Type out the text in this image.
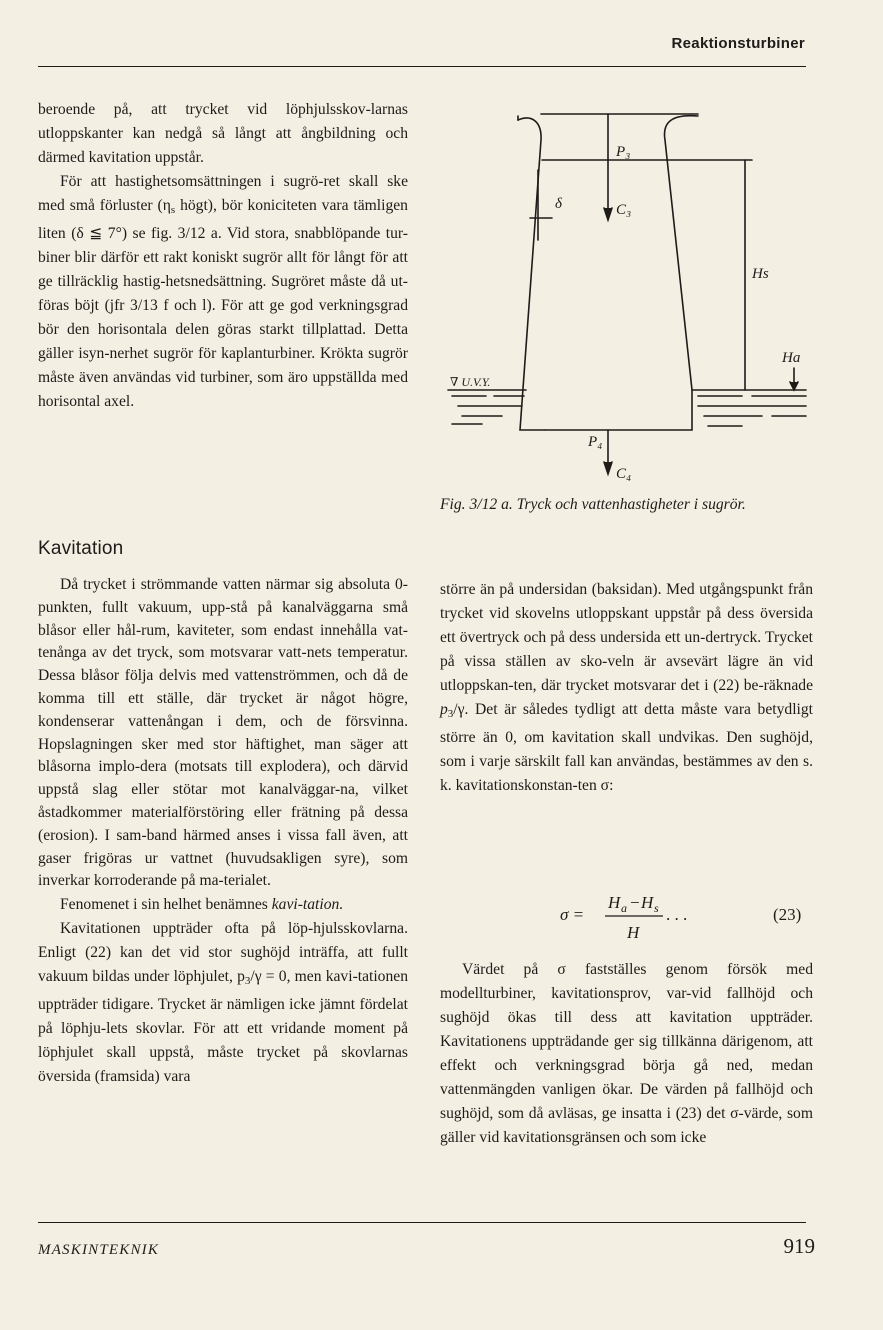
Reaktionsturbiner

beroende på, att trycket vid löphjulsskov-larnas utloppskanter kan nedgå så långt att ångbildning och därmed kavitation uppstår.

För att hastighetsomsättningen i sugrö-ret skall ske med små förluster ($\eta_s$ högt), bör koniciteten vara tämligen liten (δ ≦ 7°) se fig. 3/12 a. Vid stora, snabblöpande tur-biner blir därför ett rakt koniskt sugrör allt för långt för att ge tillräcklig hastig-hetsnedsättning. Sugröret måste då ut-föras böjt (jfr 3/13 f och l). För att ge god verkningsgrad bör den horisontala delen göras starkt tillplattad. Detta gäller isyn-nerhet sugrör för kaplanturbiner. Krökta sugrör måste även användas vid turbiner, som äro uppställda med horisontal axel.

Kavitation

Då trycket i strömmande vatten närmar sig absoluta 0-punkten, fullt vakuum, upp-stå på kanalväggarna små blåsor eller hål-rum, kaviteter, som endast innehålla vat-tenånga av det tryck, som motsvarar vatt-nets temperatur. Dessa blåsor följa delvis med vattenströmmen, och då de komma till ett ställe, där trycket är något högre, kondenserar vattenångan i dem, och de försvinna. Hopslagningen sker med stor häftighet, man säger att blåsorna implo-dera (motsats till explodera), och därvid uppstå slag eller stötar mot kanalväggar-na, vilket åstadkommer materialförstöring eller frätning på dessa (erosion). I sam-band härmed anses i vissa fall även, att gaser frigöras ur vattnet (huvudsakligen syre), som inverkar korroderande på ma-terialet.

Fenomenet i sin helhet benämnes kavi-tation.

Kavitationen uppträder ofta på löp-hjulsskovlarna. Enligt (22) kan det vid stor sughöjd inträffa, att fullt vakuum bildas under löphjulet, $p_3/\gamma = 0$, men kavi-tationen uppträder tidigare. Trycket är nämligen icke jämnt fördelat på löphju-lets skovlar. För att ett vridande moment på löphjulet skall uppstå, måste trycket på skovlarnas översida (framsida) vara

P₃
C₃
δ
Hs
Ha
∇ U.V.Y.
P₄
C₄
Fig. 3/12 a. Tryck och vattenhastigheter i sugrör.

större än på undersidan (baksidan). Med utgångspunkt från trycket vid skovelns utloppskant uppstår på dess översida ett övertryck och på dess undersida ett un-dertryck. Trycket på vissa ställen av sko-veln är avsevärt lägre än vid utloppskan-ten, där trycket motsvarar det i (22) be-räknade $p_3/\gamma$. Det är således tydligt att detta måste vara betydligt större än 0, om kavitation skall undvikas. Den sughöjd, som i varje särskilt fall kan användas, bestämmes av den s. k. kavitationskonstan-ten σ:

σ =
H a − H s
H
. . .	(23)

Värdet på σ fastställes genom försök med modellturbiner, kavitationsprov, var-vid fallhöjd och sughöjd ökas till dess att kavitation uppträder. Kavitationens uppträdande ger sig tillkänna därigenom, att effekt och verkningsgrad börja gå ned, medan vattenmängden vanligen ökar. De värden på fallhöjd och sughöjd, som då avläsas, ge insatta i (23) det σ-värde, som gäller vid kavitationsgränsen och som icke

MASKINTEKNIK	919
